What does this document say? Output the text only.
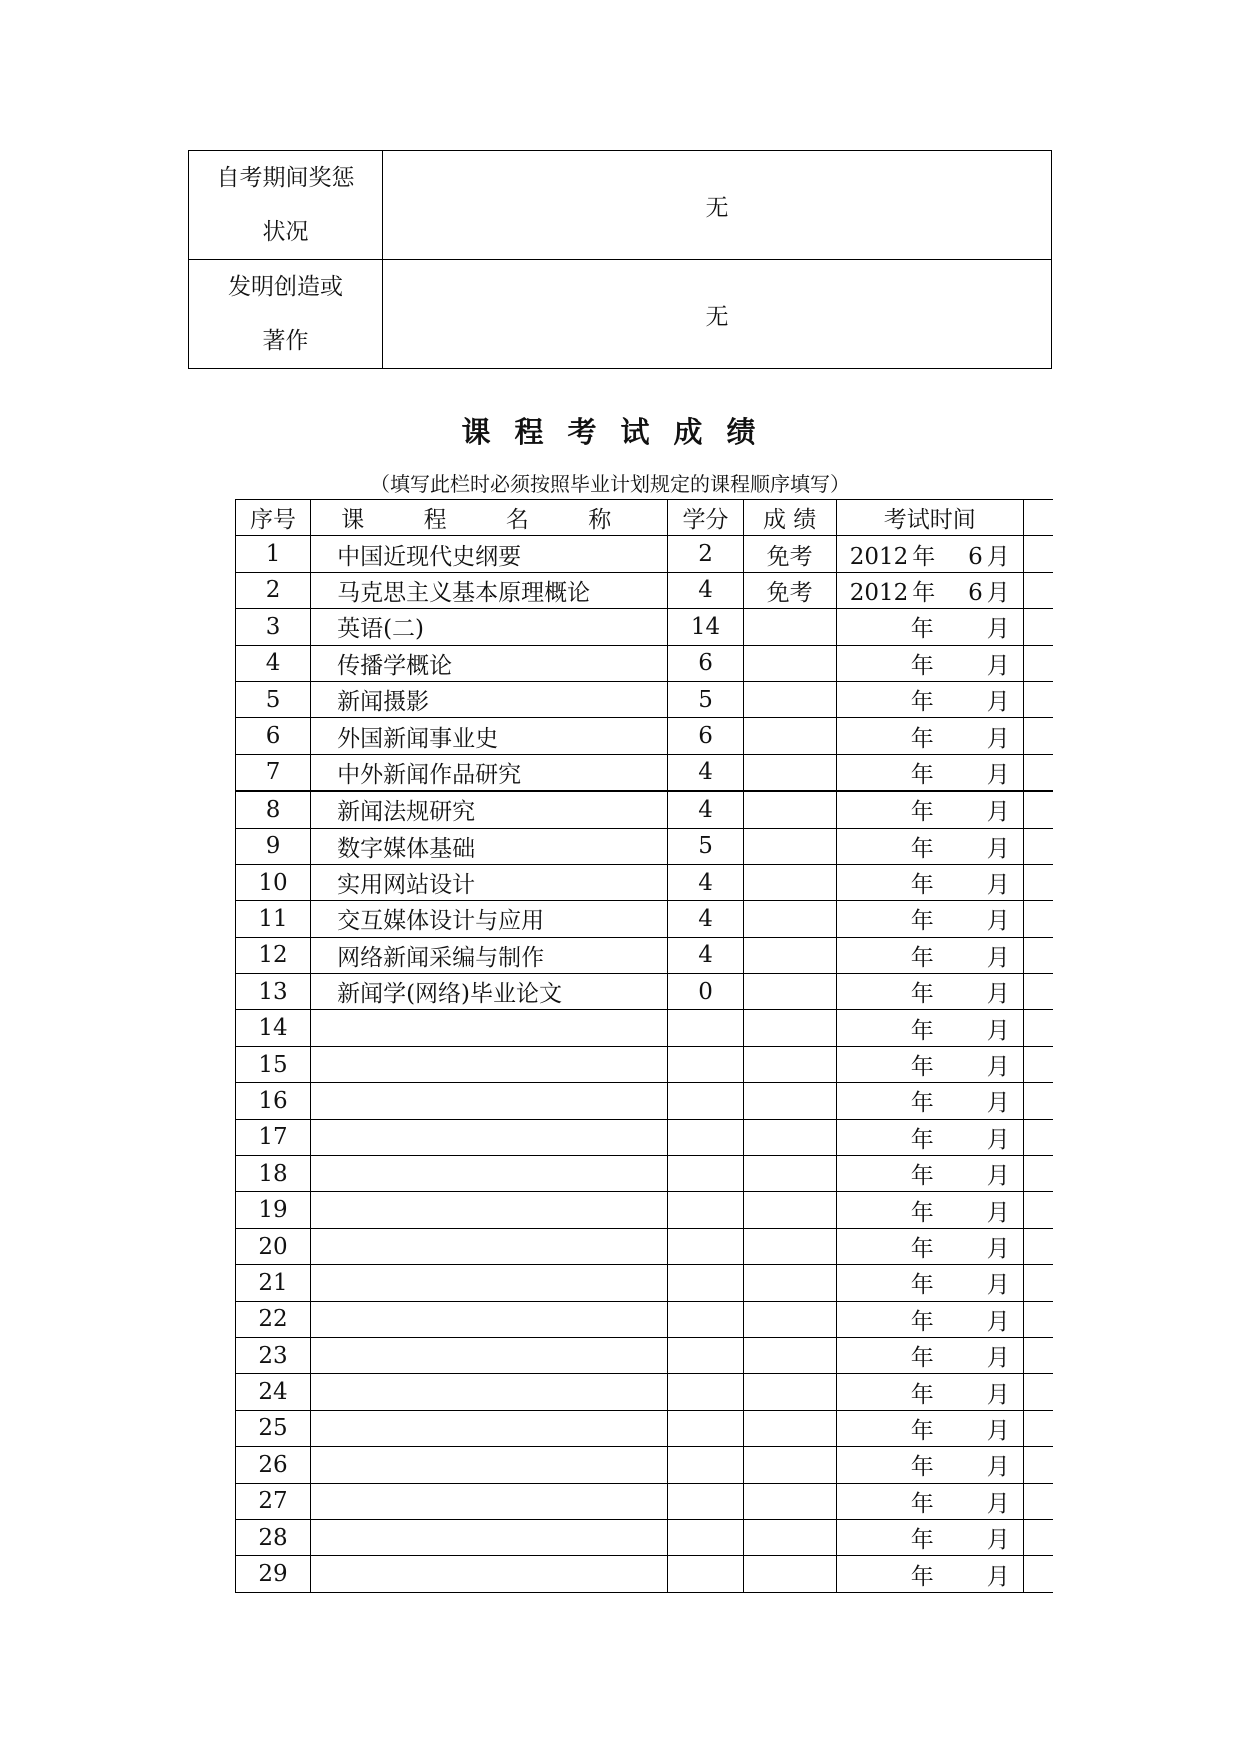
自考期间奖惩
状况	无

发明创造或
著作	无
课程考试成绩
（填写此栏时必须按照毕业计划规定的课程顺序填写）
序号	课 程 名 称	学分	成 绩	考试时间	
1	中国近现代史纲要	2	免考	2012 年 6 月	
2	马克思主义基本原理概论	4	免考	2012 年 6 月	
3	英语(二)	14		年 月	
4	传播学概论	6		年 月	
5	新闻摄影	5		年 月	
6	外国新闻事业史	6		年 月	
7	中外新闻作品研究	4		年 月	
8	新闻法规研究	4		年 月	
9	数字媒体基础	5		年 月	
10	实用网站设计	4		年 月	
11	交互媒体设计与应用	4		年 月	
12	网络新闻采编与制作	4		年 月	
13	新闻学(网络)毕业论文	0		年 月	
14				年 月	
15				年 月	
16				年 月	
17				年 月	
18				年 月	
19				年 月	
20				年 月	
21				年 月	
22				年 月	
23				年 月	
24				年 月	
25				年 月	
26				年 月	
27				年 月	
28				年 月	
29				年 月	
